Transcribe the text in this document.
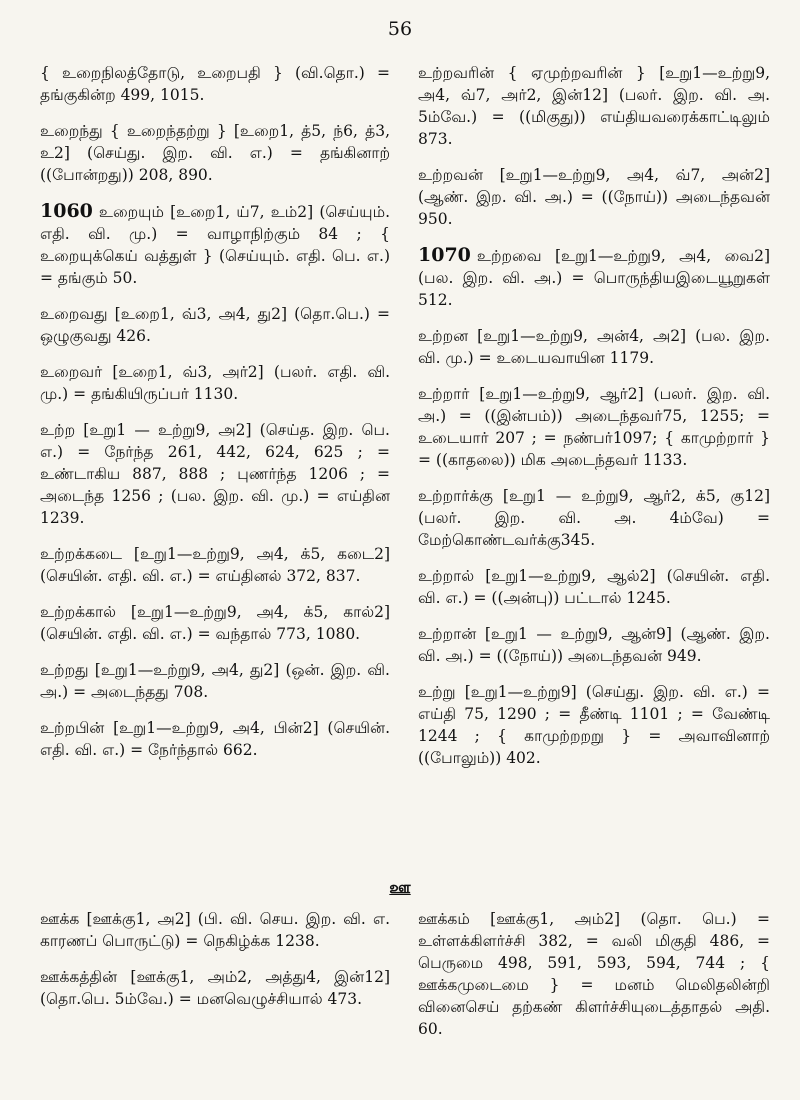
56
{ உறைநிலத்தோடு, உறைபதி } (வி.தொ.) = தங்குகின்ற 499, 1015.
உறைந்து { உறைந்தற்று } [உறை1, த்5, ந்6, த்3, உ2] (செய்து. இற. வி. எ.) = தங்கினாற் ((போன்றது)) 208, 890.
1060 உறையும் [உறை1, ய்7, உம்2] (செய்யும். எதி. வி. மு.) = வாழாநிற்கும் 84 ; { உறையுக்கெய் வத்துள் } (செய்யும். எதி. பெ. எ.) = தங்கும் 50.
உறைவது [உறை1, வ்3, அ4, து2] (தொ.பெ.) = ஒழுகுவது 426.
உறைவர் [உறை1, வ்3, அர்2] (பலர். எதி. வி. மு.) = தங்கியிருப்பர் 1130.
உற்ற [உறு1 — உற்று9, அ2] (செய்த. இற. பெ. எ.) = நேர்ந்த 261, 442, 624, 625 ; = உண்டாகிய 887, 888 ; புணர்ந்த 1206 ; = அடைந்த 1256 ; (பல. இற. வி. மு.) = எய்தின 1239.
உற்றக்கடை [உறு1—உற்று9, அ4, க்5, கடை2] (செயின். எதி. வி. எ.) = எய்தினல் 372, 837.
உற்றக்கால் [உறு1—உற்று9, அ4, க்5, கால்2] (செயின். எதி. வி. எ.) = வந்தால் 773, 1080.
உற்றது [உறு1—உற்று9, அ4, து2] (ஒன். இற. வி. அ.) = அடைந்தது 708.
உற்றபின் [உறு1—உற்று9, அ4, பின்2] (செயின். எதி. வி. எ.) = நேர்ந்தால் 662.
உற்றவரின் { ஏமுற்றவரின் } [உறு1—உற்று9, அ4, வ்7, அர்2, இன்12] (பலர். இற. வி. அ. 5ம்வே.) = ((மிகுது)) எய்தியவரைக்காட்டிலும் 873.
உற்றவன் [உறு1—உற்று9, அ4, வ்7, அன்2] (ஆண். இற. வி. அ.) = ((நோய்)) அடைந்தவன் 950.
1070 உற்றவை [உறு1—உற்று9, அ4, வை2] (பல. இற. வி. அ.) = பொருந்தியஇடையூறுகள் 512.
உற்றன [உறு1—உற்று9, அன்4, அ2] (பல. இற. வி. மு.) = உடையவாயின 1179.
உற்றார் [உறு1—உற்று9, ஆர்2] (பலர். இற. வி. அ.) = ((இன்பம்)) அடைந்தவர்75, 1255; = உடையார் 207 ; = நண்பர்1097; { காமுற்றார் } = ((காதலை)) மிக அடைந்தவர் 1133.
உற்றார்க்கு [உறு1 — உற்று9, ஆர்2, க்5, கு12] (பலர். இற. வி. அ. 4ம்வே) = மேற்கொண்டவர்க்கு345.
உற்றால் [உறு1—உற்று9, ஆல்2] (செயின். எதி. வி. எ.) = ((அன்பு)) பட்டால் 1245.
உற்றான் [உறு1 — உற்று9, ஆன்9] (ஆண். இற. வி. அ.) = ((நோய்)) அடைந்தவன் 949.
உற்று [உறு1—உற்று9] (செய்து. இற. வி. எ.) = எய்தி 75, 1290 ; = தீண்டி 1101 ; = வேண்டி 1244 ; { காமுற்றறறு } = அவாவினாற் ((போலும்)) 402.
ஊ
ஊக்க [ஊக்கு1, அ2] (பி. வி. செய. இற. வி. எ. காரணப் பொருட்டு) = நெகிழ்க்க 1238.
ஊக்கத்தின் [ஊக்கு1, அம்2, அத்து4, இன்12] (தொ.பெ. 5ம்வே.) = மனவெழுச்சியால் 473.
ஊக்கம் [ஊக்கு1, அம்2] (தொ. பெ.) = உள்ளக்கிளர்ச்சி 382, = வலி மிகுதி 486, = பெருமை 498, 591, 593, 594, 744 ; { ஊக்கமுடைமை } = மனம் மெலிதலின்றி வினைசெய் தற்கண் கிளர்ச்சியுடைத்தாதல் அதி. 60.
